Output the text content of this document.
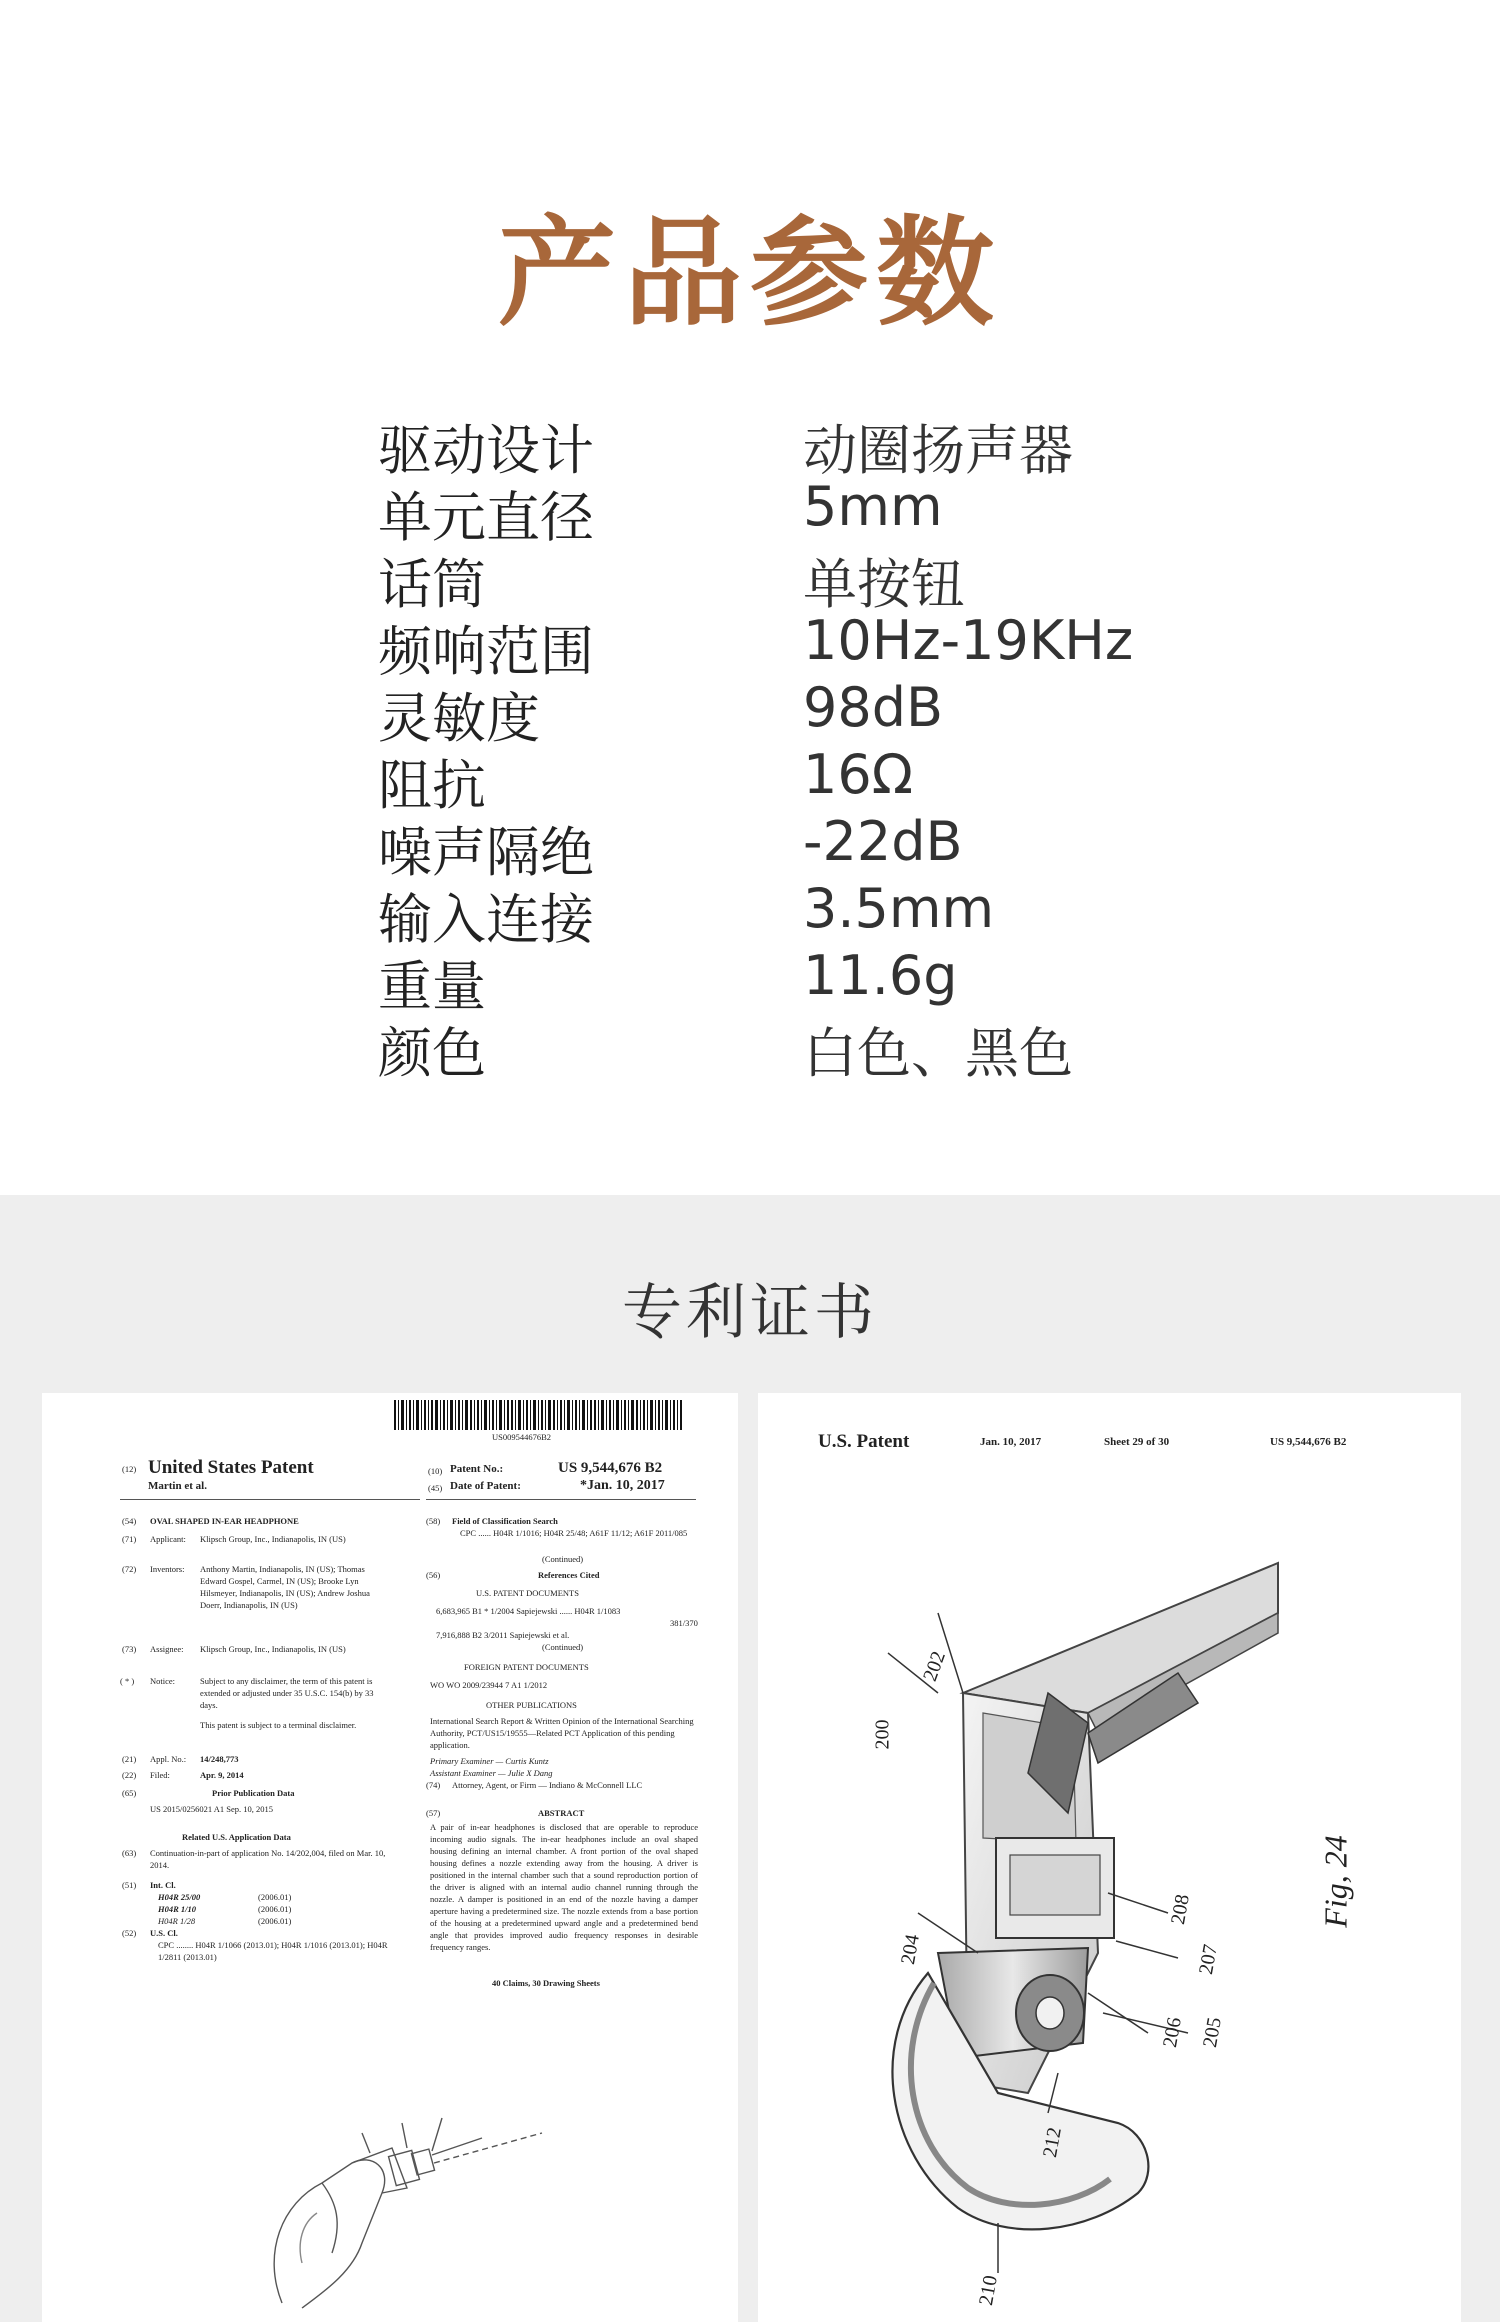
产品参数
驱动设计	动圈扬声器
单元直径	5mm
话筒	单按钮
频响范围	10Hz-19KHz
灵敏度	98dB
阻抗	16Ω
噪声隔绝	-22dB
输入连接	3.5mm
重量	11.6g
颜色	白色、黑色
专利证书
US009544676B2
(12) United States Patent
Martin et al.
(10) Patent No.:	US 9,544,676 B2
(45) Date of Patent:	*Jan. 10, 2017
(54) OVAL SHAPED IN-EAR HEADPHONE
(71) Applicant: Klipsch Group, Inc., Indianapolis, IN (US)
(72) Inventors: Anthony Martin, Indianapolis, IN (US); Thomas Edward Gospel, Carmel, IN (US); Brooke Lyn Hilsmeyer, Indianapolis, IN (US); Andrew Joshua Doerr, Indianapolis, IN (US)
(73) Assignee: Klipsch Group, Inc., Indianapolis, IN (US)
( * ) Notice:	Subject to any disclaimer, the term of this patent is extended or adjusted under 35 U.S.C. 154(b) by 33 days.
This patent is subject to a terminal disclaimer.
(21) Appl. No.: 14/248,773
(22) Filed:	Apr. 9, 2014
(65)	Prior Publication Data
US 2015/0256021 A1 Sep. 10, 2015
Related U.S. Application Data
(63) Continuation-in-part of application No. 14/202,004, filed on Mar. 10, 2014.
(51) Int. Cl.
H04R 25/00	(2006.01)
H04R 1/10	(2006.01)
H04R 1/28	(2006.01)
(52) U.S. Cl.
CPC ........ H04R 1/1066 (2013.01); H04R 1/1016 (2013.01); H04R 1/2811 (2013.01)
(58) Field of Classification Search
CPC ...... H04R 1/1016; H04R 25/48; A61F 11/12; A61F 2011/085
(Continued)
(56)	References Cited
U.S. PATENT DOCUMENTS
6,683,965 B1 * 1/2004 Sapiejewski ...... H04R 1/1083
381/370
7,916,888 B2 3/2011 Sapiejewski et al.
(Continued)
FOREIGN PATENT DOCUMENTS
WO WO 2009/23944 7 A1 1/2012
OTHER PUBLICATIONS
International Search Report & Written Opinion of the International Searching Authority, PCT/US15/19555—Related PCT Application of this pending application.
Primary Examiner — Curtis Kuntz
Assistant Examiner — Julie X Dang
(74) Attorney, Agent, or Firm — Indiano & McConnell LLC
(57)	ABSTRACT
A pair of in-ear headphones is disclosed that are operable to reproduce incoming audio signals. The in-ear headphones include an oval shaped housing defining an internal chamber. A front portion of the oval shaped housing defines a nozzle extending away from the housing. A driver is positioned in the internal chamber such that a sound reproduction portion of the driver is aligned with an internal audio channel running through the nozzle. A damper is positioned in an end of the nozzle having a damper aperture having a predetermined size. The nozzle extends from a base portion of the housing at a predetermined upward angle and a predetermined bend angle that provides improved audio frequency responses in desirable frequency ranges.
40 Claims, 30 Drawing Sheets
U.S. Patent	Jan. 10, 2017	Sheet 29 of 30	US 9,544,676 B2
200
202
204
205
206
207
208
210
212
Fig, 24
